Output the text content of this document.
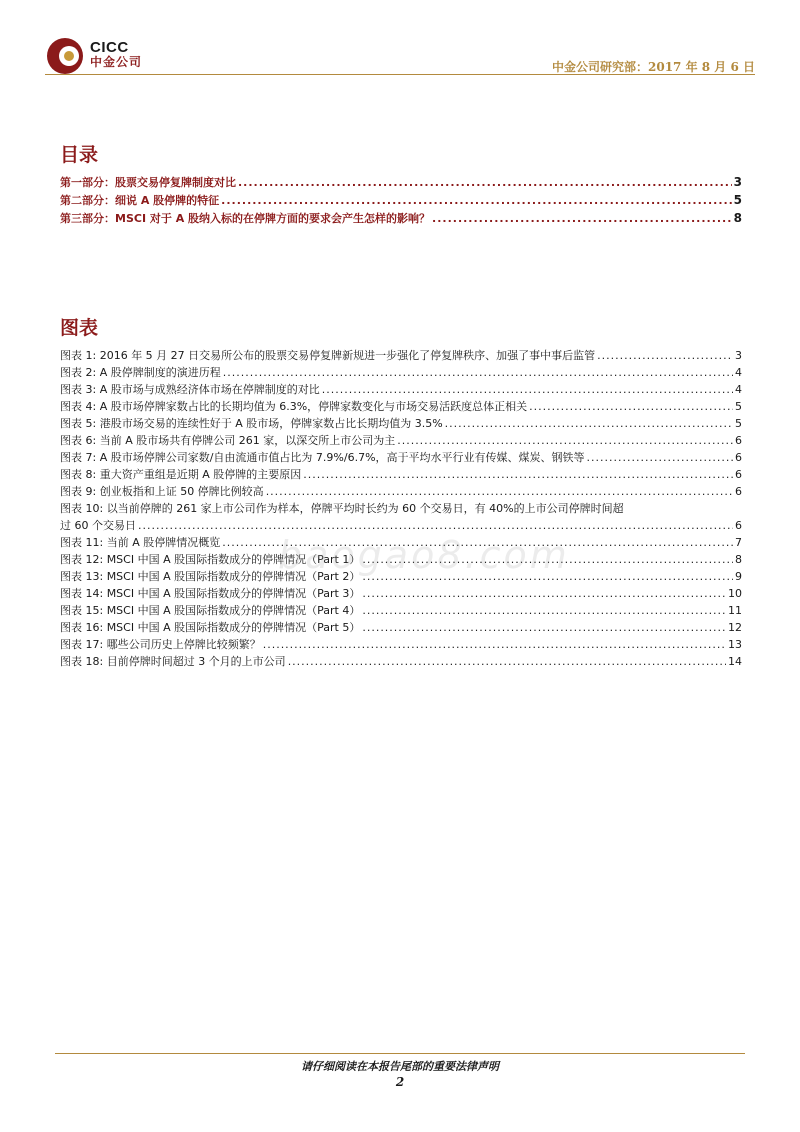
CICC
中金公司	中金公司研究部：2017 年 8 月 6 日
目录
第一部分：股票交易停复牌制度对比 .....	3
第二部分：细说 A 股停牌的特征 .....	5
第三部分：MSCI 对于 A 股纳入标的在停牌方面的要求会产生怎样的影响？ .....	8
图表
图表 1: 2016 年 5 月 27 日交易所公布的股票交易停复牌新规进一步强化了停复牌秩序、加强了事中事后监管 .....	3
图表 2: A 股停牌制度的演进历程 .....	4
图表 3: A 股市场与成熟经济体市场在停牌制度的对比 .....	4
图表 4: A 股市场停牌家数占比的长期均值为 6.3%，停牌家数变化与市场交易活跃度总体正相关 .....	5
图表 5: 港股市场交易的连续性好于 A 股市场，停牌家数占比长期均值为 3.5% .....	5
图表 6: 当前 A 股市场共有停牌公司 261 家，以深交所上市公司为主 .....	6
图表 7: A 股市场停牌公司家数/自由流通市值占比为 7.9%/6.7%，高于平均水平行业有传媒、煤炭、钢铁等 .....	6
图表 8: 重大资产重组是近期 A 股停牌的主要原因 .....	6
图表 9: 创业板指和上证 50 停牌比例较高 .....	6
图表 10: 以当前停牌的 261 家上市公司作为样本，停牌平均时长约为 60 个交易日，有 40%的上市公司停牌时间超
过 60 个交易日 .....	6
图表 11: 当前 A 股停牌情况概览 .....	7
图表 12: MSCI 中国 A 股国际指数成分的停牌情况（Part 1） .....	8
图表 13: MSCI 中国 A 股国际指数成分的停牌情况（Part 2） .....	9
图表 14: MSCI 中国 A 股国际指数成分的停牌情况（Part 3） .....	10
图表 15: MSCI 中国 A 股国际指数成分的停牌情况（Part 4） .....	11
图表 16: MSCI 中国 A 股国际指数成分的停牌情况（Part 5） .....	12
图表 17: 哪些公司历史上停牌比较频繁？ .....	13
图表 18: 目前停牌时间超过 3 个月的上市公司 .....	14
baogao8.com
请仔细阅读在本报告尾部的重要法律声明
2
